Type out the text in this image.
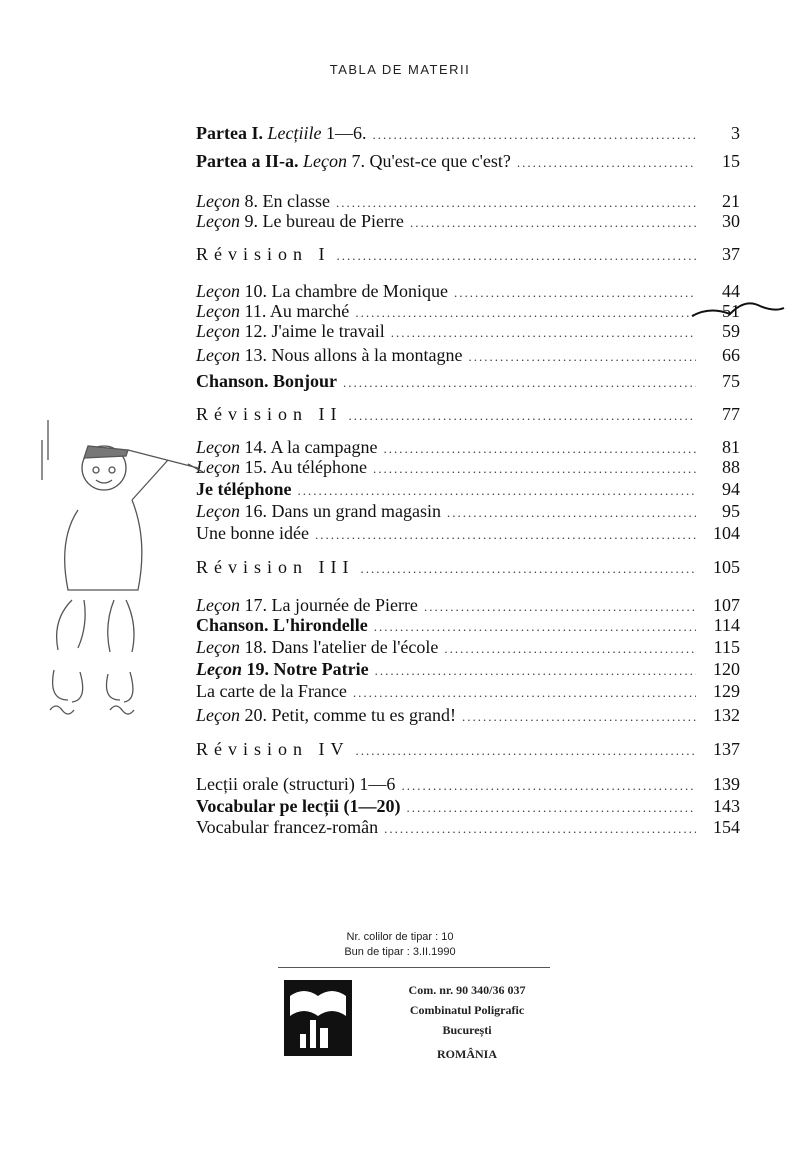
TABLA DE MATERII
Partea I. Lecțiile 1—6. .....	3
Partea a II-a. Leçon 7. Qu'est-ce que c'est? .....	15
Leçon 8. En classe .....	21
Leçon 9. Le bureau de Pierre .....	30
Révision I .....	37
Leçon 10. La chambre de Monique .....	44
Leçon 11. Au marché .....	51
Leçon 12. J'aime le travail .....	59
Leçon 13. Nous allons à la montagne .....	66
Chanson. Bonjour .....	75
Révision II .....	77
Leçon 14. A la campagne .....	81
Leçon 15. Au téléphone .....	88
Je téléphone .....	94
Leçon 16. Dans un grand magasin .....	95
Une bonne idée .....	104
Révision III .....	105
Leçon 17. La journée de Pierre .....	107
Chanson. L'hirondelle .....	114
Leçon 18. Dans l'atelier de l'école .....	115
Leçon 19. Notre Patrie .....	120
La carte de la France .....	129
Leçon 20. Petit, comme tu es grand! .....	132
Révision IV .....	137
Lecții orale (structuri) 1—6 .....	139
Vocabular pe lecții (1—20) .....	143
Vocabular francez-român .....	154
Nr. colilor de tipar : 10
Bun de tipar : 3.II.1990
Com. nr. 90 340/36 037
Combinatul Poligrafic
București
ROMÂNIA
